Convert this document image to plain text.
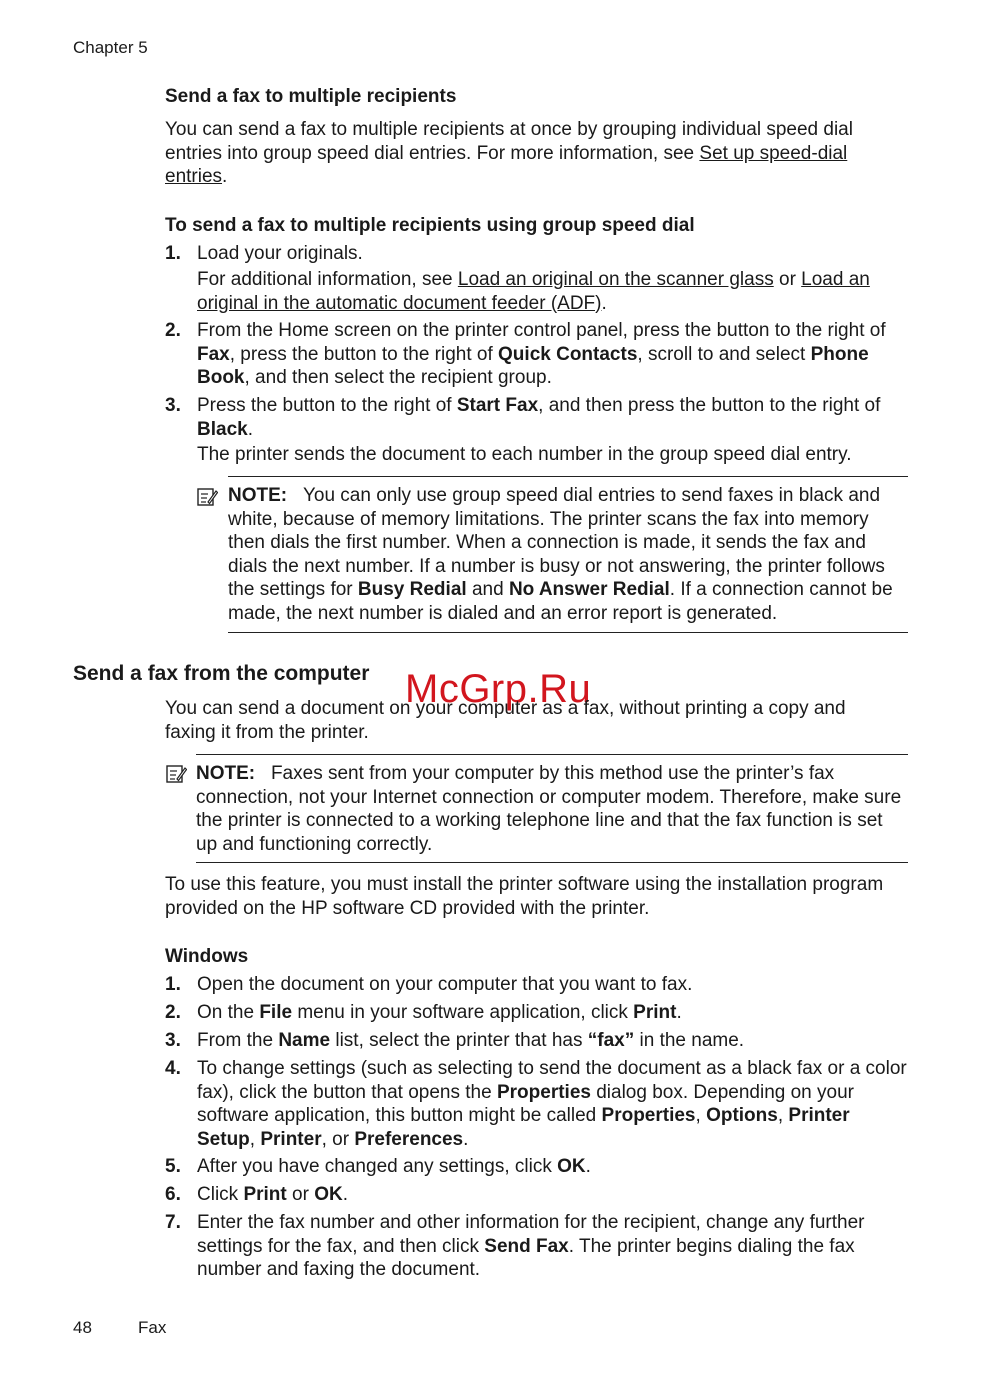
Chapter 5
Send a fax to multiple recipients
You can send a fax to multiple recipients at once by grouping individual speed dial entries into group speed dial entries. For more information, see Set up speed-dial entries.
To send a fax to multiple recipients using group speed dial
1. Load your originals.
For additional information, see Load an original on the scanner glass or Load an original in the automatic document feeder (ADF).
2. From the Home screen on the printer control panel, press the button to the right of Fax, press the button to the right of Quick Contacts, scroll to and select Phone Book, and then select the recipient group.
3. Press the button to the right of Start Fax, and then press the button to the right of Black.
The printer sends the document to each number in the group speed dial entry.
NOTE: You can only use group speed dial entries to send faxes in black and white, because of memory limitations. The printer scans the fax into memory then dials the first number. When a connection is made, it sends the fax and dials the next number. If a number is busy or not answering, the printer follows the settings for Busy Redial and No Answer Redial. If a connection cannot be made, the next number is dialed and an error report is generated.
Send a fax from the computer McGrp.Ru
You can send a document on your computer as a fax, without printing a copy and faxing it from the printer.
NOTE: Faxes sent from your computer by this method use the printer’s fax connection, not your Internet connection or computer modem. Therefore, make sure the printer is connected to a working telephone line and that the fax function is set up and functioning correctly.
To use this feature, you must install the printer software using the installation program provided on the HP software CD provided with the printer.
Windows
1. Open the document on your computer that you want to fax.
2. On the File menu in your software application, click Print.
3. From the Name list, select the printer that has “fax” in the name.
4. To change settings (such as selecting to send the document as a black fax or a color fax), click the button that opens the Properties dialog box. Depending on your software application, this button might be called Properties, Options, Printer Setup, Printer, or Preferences.
5. After you have changed any settings, click OK.
6. Click Print or OK.
7. Enter the fax number and other information for the recipient, change any further settings for the fax, and then click Send Fax. The printer begins dialing the fax number and faxing the document.
48	Fax
